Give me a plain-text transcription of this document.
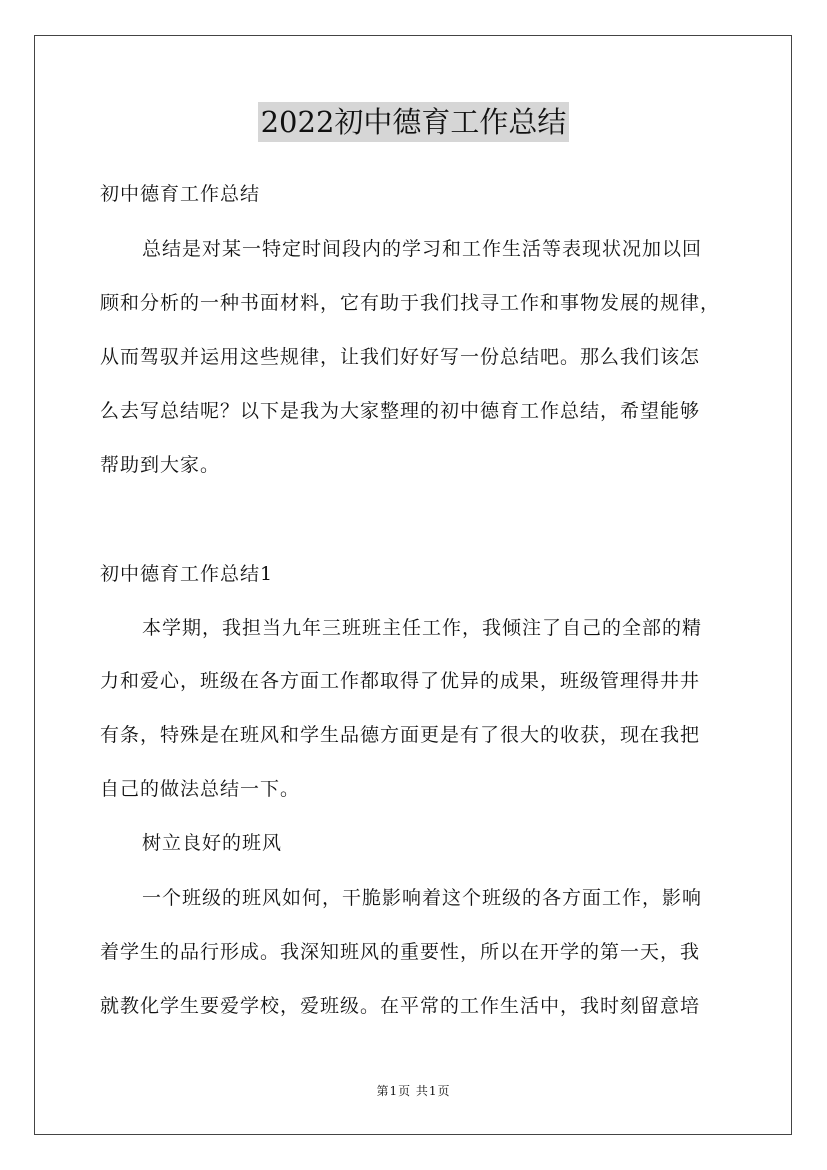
2022初中德育工作总结
初中德育工作总结
总结是对某一特定时间段内的学习和工作生活等表现状况加以回
顾和分析的一种书面材料，它有助于我们找寻工作和事物发展的规律，
从而驾驭并运用这些规律，让我们好好写一份总结吧。那么我们该怎
么去写总结呢？以下是我为大家整理的初中德育工作总结，希望能够
帮助到大家。
初中德育工作总结1
本学期，我担当九年三班班主任工作，我倾注了自己的全部的精
力和爱心，班级在各方面工作都取得了优异的成果，班级管理得井井
有条，特殊是在班风和学生品德方面更是有了很大的收获，现在我把
自己的做法总结一下。
树立良好的班风
一个班级的班风如何，干脆影响着这个班级的各方面工作，影响
着学生的品行形成。我深知班风的重要性，所以在开学的第一天，我
就教化学生要爱学校，爱班级。在平常的工作生活中，我时刻留意培
第1页 共1页
